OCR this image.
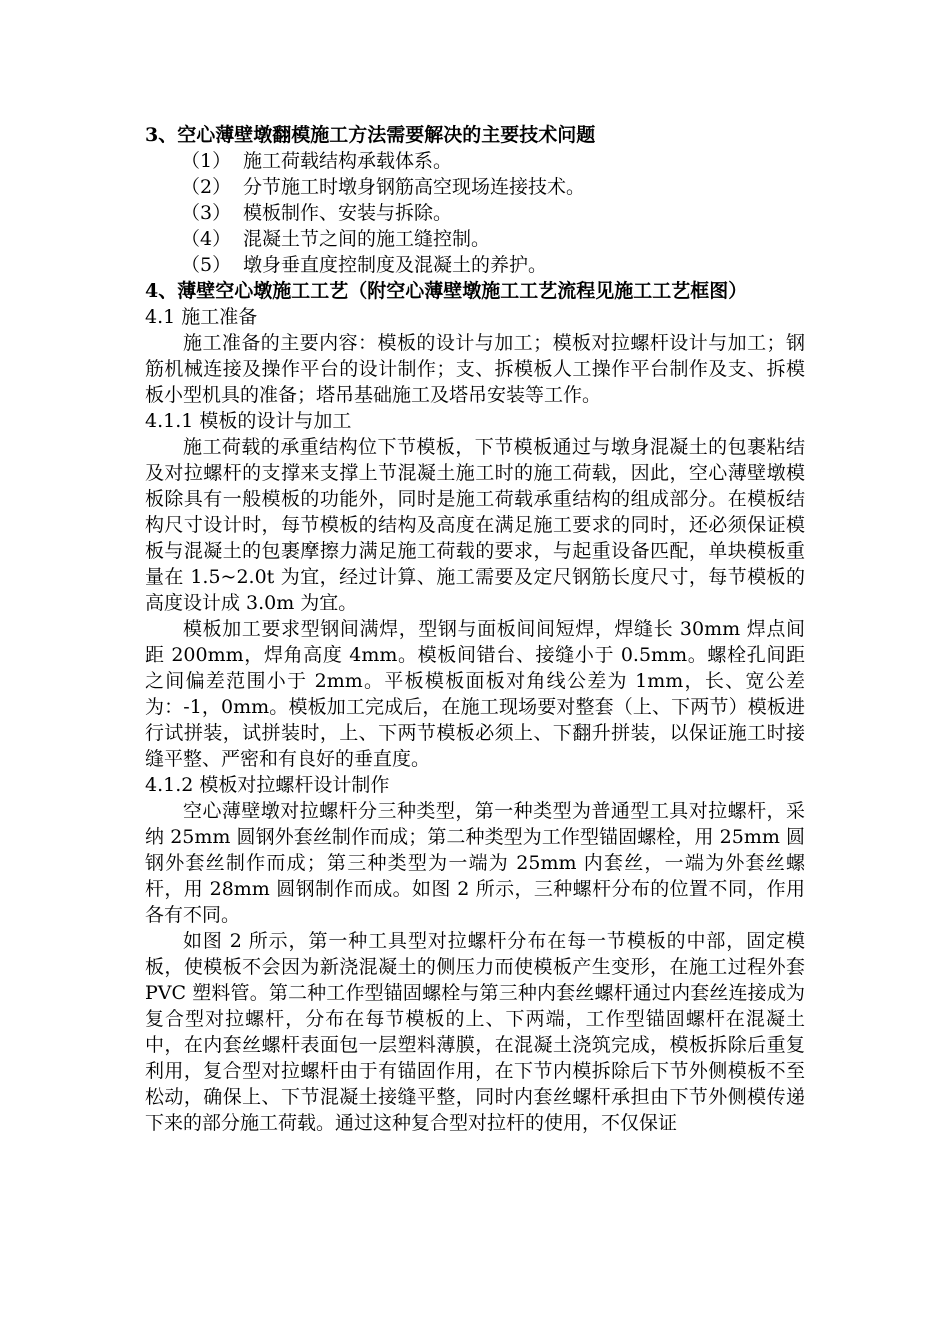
3、空心薄壁墩翻模施工方法需要解决的主要技术问题

（1） 施工荷载结构承载体系。

（2） 分节施工时墩身钢筋高空现场连接技术。

（3） 模板制作、安装与拆除。

（4） 混凝土节之间的施工缝控制。

（5） 墩身垂直度控制度及混凝土的养护。

4、薄壁空心墩施工工艺（附空心薄壁墩施工工艺流程见施工工艺框图）

4.1 施工准备

施工准备的主要内容：模板的设计与加工；模板对拉螺杆设计与加工；钢筋机械连接及操作平台的设计制作；支、拆模板人工操作平台制作及支、拆模板小型机具的准备；塔吊基础施工及塔吊安装等工作。

4.1.1 模板的设计与加工

施工荷载的承重结构位下节模板，下节模板通过与墩身混凝土的包裹粘结及对拉螺杆的支撑来支撑上节混凝土施工时的施工荷载，因此，空心薄壁墩模板除具有一般模板的功能外，同时是施工荷载承重结构的组成部分。在模板结构尺寸设计时，每节模板的结构及高度在满足施工要求的同时，还必须保证模板与混凝土的包裹摩擦力满足施工荷载的要求，与起重设备匹配，单块模板重量在 1.5~2.0t 为宜，经过计算、施工需要及定尺钢筋长度尺寸，每节模板的高度设计成 3.0m 为宜。

模板加工要求型钢间满焊，型钢与面板间间短焊，焊缝长 30mm 焊点间距 200mm，焊角高度 4mm。模板间错台、接缝小于 0.5mm。螺栓孔间距之间偏差范围小于 2mm。平板模板面板对角线公差为 1mm，长、宽公差为：-1，0mm。模板加工完成后，在施工现场要对整套（上、下两节）模板进行试拼装，试拼装时，上、下两节模板必须上、下翻升拼装，以保证施工时接缝平整、严密和有良好的垂直度。

4.1.2 模板对拉螺杆设计制作

空心薄壁墩对拉螺杆分三种类型，第一种类型为普通型工具对拉螺杆，采纳 25mm 圆钢外套丝制作而成；第二种类型为工作型锚固螺栓，用 25mm 圆钢外套丝制作而成；第三种类型为一端为 25mm 内套丝，一端为外套丝螺杆，用 28mm 圆钢制作而成。如图 2 所示，三种螺杆分布的位置不同，作用各有不同。

如图 2 所示，第一种工具型对拉螺杆分布在每一节模板的中部，固定模板，使模板不会因为新浇混凝土的侧压力而使模板产生变形，在施工过程外套 PVC 塑料管。第二种工作型锚固螺栓与第三种内套丝螺杆通过内套丝连接成为复合型对拉螺杆，分布在每节模板的上、下两端，工作型锚固螺杆在混凝土中，在内套丝螺杆表面包一层塑料薄膜，在混凝土浇筑完成，模板拆除后重复利用，复合型对拉螺杆由于有锚固作用，在下节内模拆除后下节外侧模板不至松动，确保上、下节混凝土接缝平整，同时内套丝螺杆承担由下节外侧模传递下来的部分施工荷载。通过这种复合型对拉杆的使用，不仅保证
